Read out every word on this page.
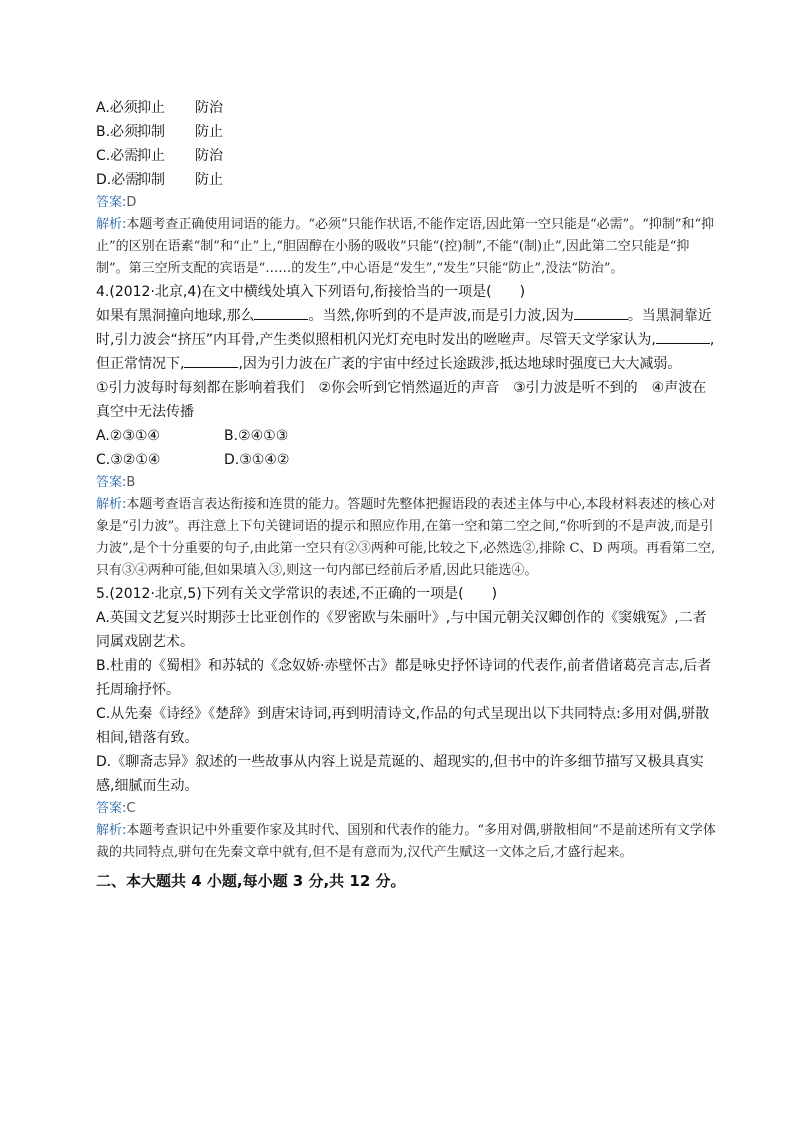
A.必须抑止 防治
B.必须抑制 防止
C.必需抑止 防治
D.必需抑制 防止
答案:D
解析:本题考查正确使用词语的能力。“必须”只能作状语,不能作定语,因此第一空只能是“必需”。“抑制”和“抑止”的区别在语素“制”和“止”上,“胆固醇在小肠的吸收”只能“(控)制”,不能“(制)止”,因此第二空只能是“抑制”。第三空所支配的宾语是“……的发生”,中心语是“发生”,“发生”只能“防止”,没法“防治”。
4.(2012·北京,4)在文中横线处填入下列语句,衔接恰当的一项是(　　)
如果有黑洞撞向地球,那么	。当然,你听到的不是声波,而是引力波,因为	。当黑洞靠近时,引力波会“挤压”内耳骨,产生类似照相机闪光灯充电时发出的咝咝声。尽管天文学家认为,	,但正常情况下,	,因为引力波在广袤的宇宙中经过长途跋涉,抵达地球时强度已大大减弱。
①引力波每时每刻都在影响着我们　②你会听到它悄然逼近的声音　③引力波是听不到的　④声波在真空中无法传播
A.②③①④	B.②④①③
C.③②①④	D.③①④②
答案:B
解析:本题考查语言表达衔接和连贯的能力。答题时先整体把握语段的表述主体与中心,本段材料表述的核心对象是“引力波”。再注意上下句关键词语的提示和照应作用,在第一空和第二空之间,“你听到的不是声波,而是引力波”,是个十分重要的句子,由此第一空只有②③两种可能,比较之下,必然选②,排除 C、D 两项。再看第二空,只有③④两种可能,但如果填入③,则这一句内部已经前后矛盾,因此只能选④。
5.(2012·北京,5)下列有关文学常识的表述,不正确的一项是(　　)
A.英国文艺复兴时期莎士比亚创作的《罗密欧与朱丽叶》,与中国元朝关汉卿创作的《窦娥冤》,二者同属戏剧艺术。
B.杜甫的《蜀相》和苏轼的《念奴娇·赤壁怀古》都是咏史抒怀诗词的代表作,前者借诸葛亮言志,后者托周瑜抒怀。
C.从先秦《诗经》《楚辞》到唐宋诗词,再到明清诗文,作品的句式呈现出以下共同特点:多用对偶,骈散相间,错落有致。
D.《聊斋志异》叙述的一些故事从内容上说是荒诞的、超现实的,但书中的许多细节描写又极具真实感,细腻而生动。
答案:C
解析:本题考查识记中外重要作家及其时代、国别和代表作的能力。“多用对偶,骈散相间”不是前述所有文学体裁的共同特点,骈句在先秦文章中就有,但不是有意而为,汉代产生赋这一文体之后,才盛行起来。
二、本大题共 4 小题,每小题 3 分,共 12 分。
